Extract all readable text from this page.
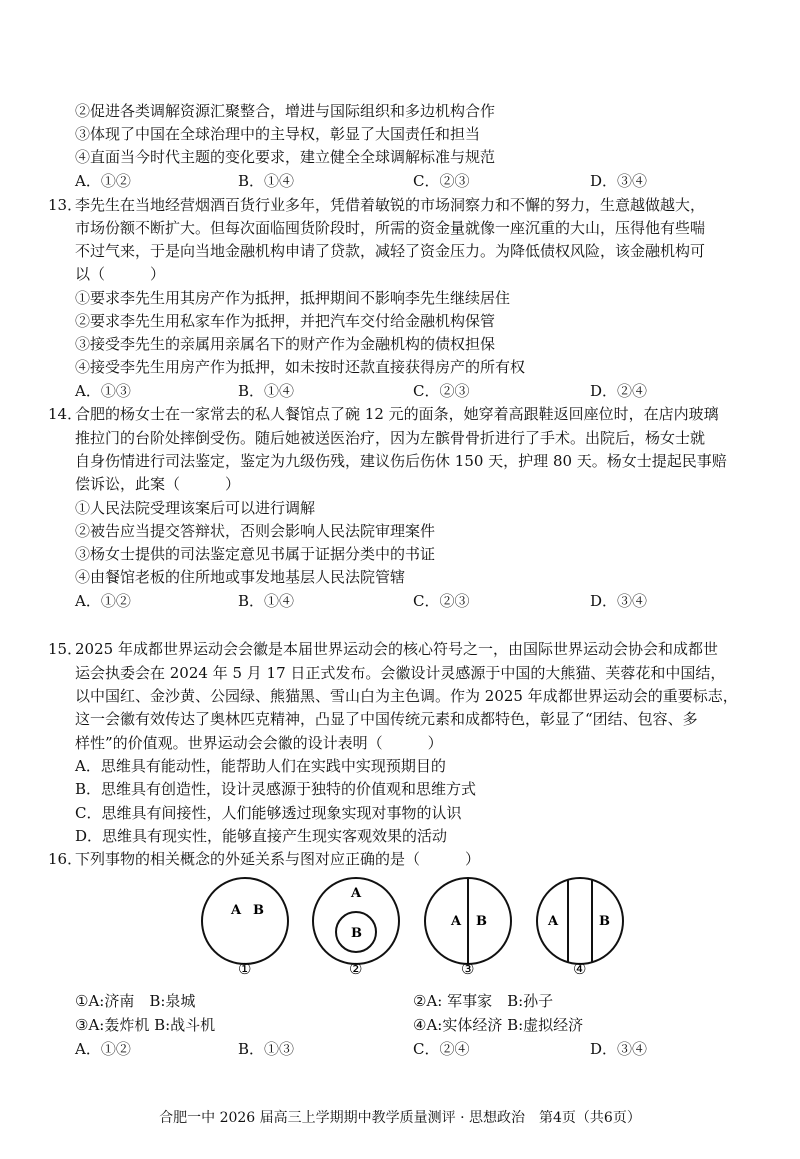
②促进各类调解资源汇聚整合，增进与国际组织和多边机构合作
③体现了中国在全球治理中的主导权，彰显了大国责任和担当
④直面当今时代主题的变化要求，建立健全全球调解标准与规范
A．①②	B．①④	C．②③	D．③④
13．
李先生在当地经营烟酒百货行业多年，凭借着敏锐的市场洞察力和不懈的努力，生意越做越大，
市场份额不断扩大。但每次面临囤货阶段时，所需的资金量就像一座沉重的大山，压得他有些喘
不过气来，于是向当地金融机构申请了贷款，减轻了资金压力。为降低债权风险，该金融机构可
以（　　　）
①要求李先生用其房产作为抵押，抵押期间不影响李先生继续居住
②要求李先生用私家车作为抵押，并把汽车交付给金融机构保管
③接受李先生的亲属用亲属名下的财产作为金融机构的债权担保
④接受李先生用房产作为抵押，如未按时还款直接获得房产的所有权
A．①③	B．①④	C．②③	D．②④
14．
合肥的杨女士在一家常去的私人餐馆点了碗 12 元的面条，她穿着高跟鞋返回座位时，在店内玻璃
推拉门的台阶处摔倒受伤。随后她被送医治疗，因为左髌骨骨折进行了手术。出院后，杨女士就
自身伤情进行司法鉴定，鉴定为九级伤残，建议伤后伤休 150 天，护理 80 天。杨女士提起民事赔
偿诉讼，此案（　　　）
①人民法院受理该案后可以进行调解
②被告应当提交答辩状，否则会影响人民法院审理案件
③杨女士提供的司法鉴定意见书属于证据分类中的书证
④由餐馆老板的住所地或事发地基层人民法院管辖
A．①②	B．①④	C．②③	D．③④
15．
2025 年成都世界运动会会徽是本届世界运动会的核心符号之一，由国际世界运动会协会和成都世
运会执委会在 2024 年 5 月 17 日正式发布。会徽设计灵感源于中国的大熊猫、芙蓉花和中国结，
以中国红、金沙黄、公园绿、熊猫黑、雪山白为主色调。作为 2025 年成都世界运动会的重要标志，
这一会徽有效传达了奥林匹克精神，凸显了中国传统元素和成都特色，彰显了“团结、包容、多
样性”的价值观。世界运动会会徽的设计表明（　　　）
A．思维具有能动性，能帮助人们在实践中实现预期目的
B．思维具有创造性，设计灵感源于独特的价值观和思维方式
C．思维具有间接性，人们能够透过现象实现对事物的认识
D．思维具有现实性，能够直接产生现实客观效果的活动
16．
下列事物的相关概念的外延关系与图对应正确的是（　　　）
A B
①
A
B
②
A B
③
A	B
④
①A:济南　B:泉城	②A: 军事家　B:孙子
③A:轰炸机 B:战斗机	④A:实体经济 B:虚拟经济
A．①②	B．①③	C．②④	D．③④
合肥一中 2026 届高三上学期期中教学质量测评 · 思想政治　第4页（共6页）
